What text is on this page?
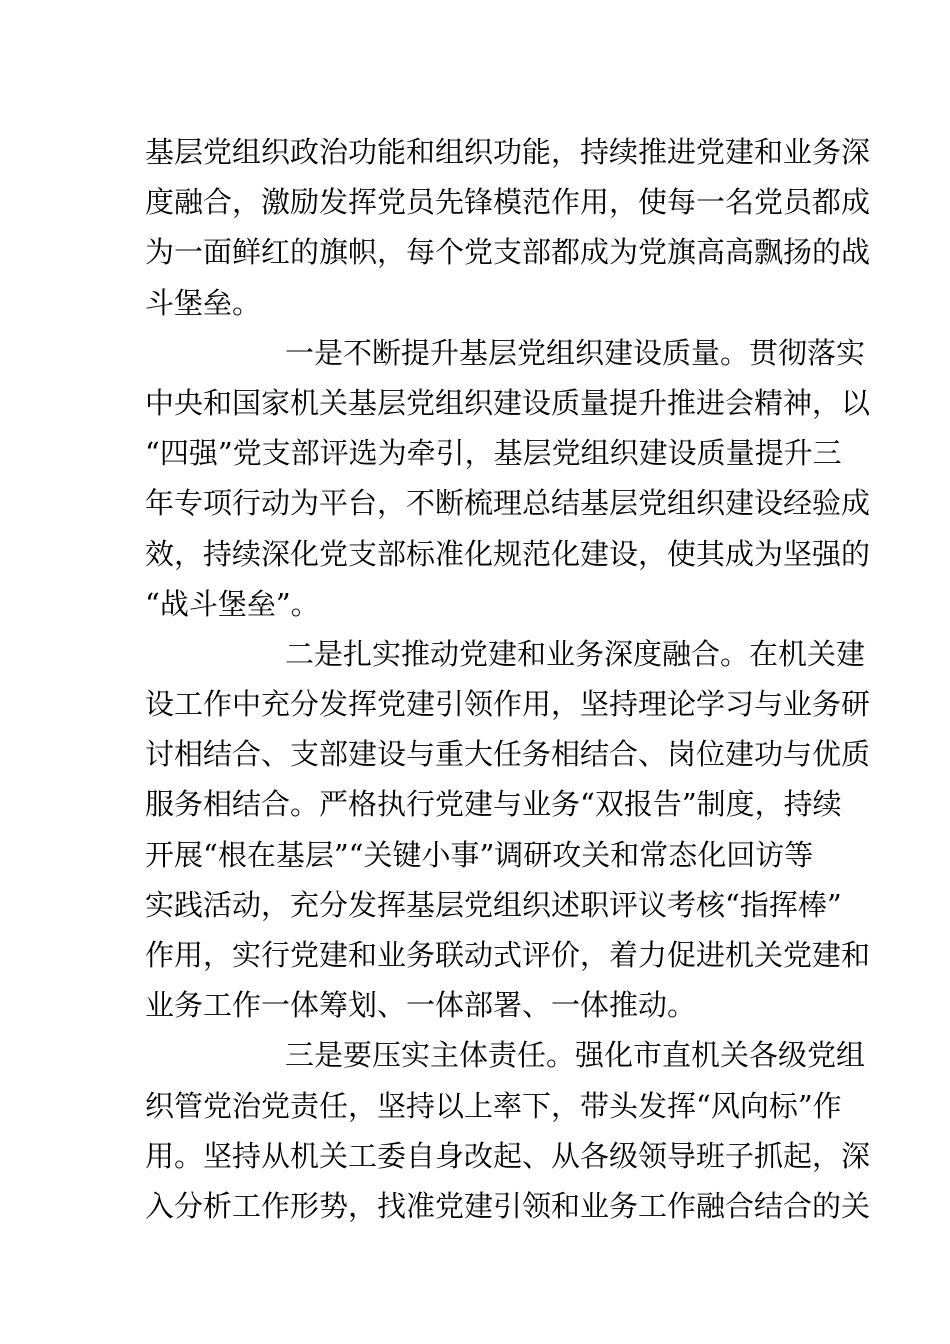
基层党组织政治功能和组织功能，持续推进党建和业务深
度融合，激励发挥党员先锋模范作用，使每一名党员都成
为一面鲜红的旗帜，每个党支部都成为党旗高高飘扬的战
斗堡垒。
一是不断提升基层党组织建设质量。贯彻落实
中央和国家机关基层党组织建设质量提升推进会精神，以
“四强”党支部评选为牵引，基层党组织建设质量提升三
年专项行动为平台，不断梳理总结基层党组织建设经验成
效，持续深化党支部标准化规范化建设，使其成为坚强的
“战斗堡垒”。
二是扎实推动党建和业务深度融合。在机关建
设工作中充分发挥党建引领作用，坚持理论学习与业务研
讨相结合、支部建设与重大任务相结合、岗位建功与优质
服务相结合。严格执行党建与业务“双报告”制度，持续
开展“根在基层”“关键小事”调研攻关和常态化回访等
实践活动，充分发挥基层党组织述职评议考核“指挥棒”
作用，实行党建和业务联动式评价，着力促进机关党建和
业务工作一体筹划、一体部署、一体推动。
三是要压实主体责任。强化市直机关各级党组
织管党治党责任，坚持以上率下，带头发挥“风向标”作
用。坚持从机关工委自身改起、从各级领导班子抓起，深
入分析工作形势，找准党建引领和业务工作融合结合的关
